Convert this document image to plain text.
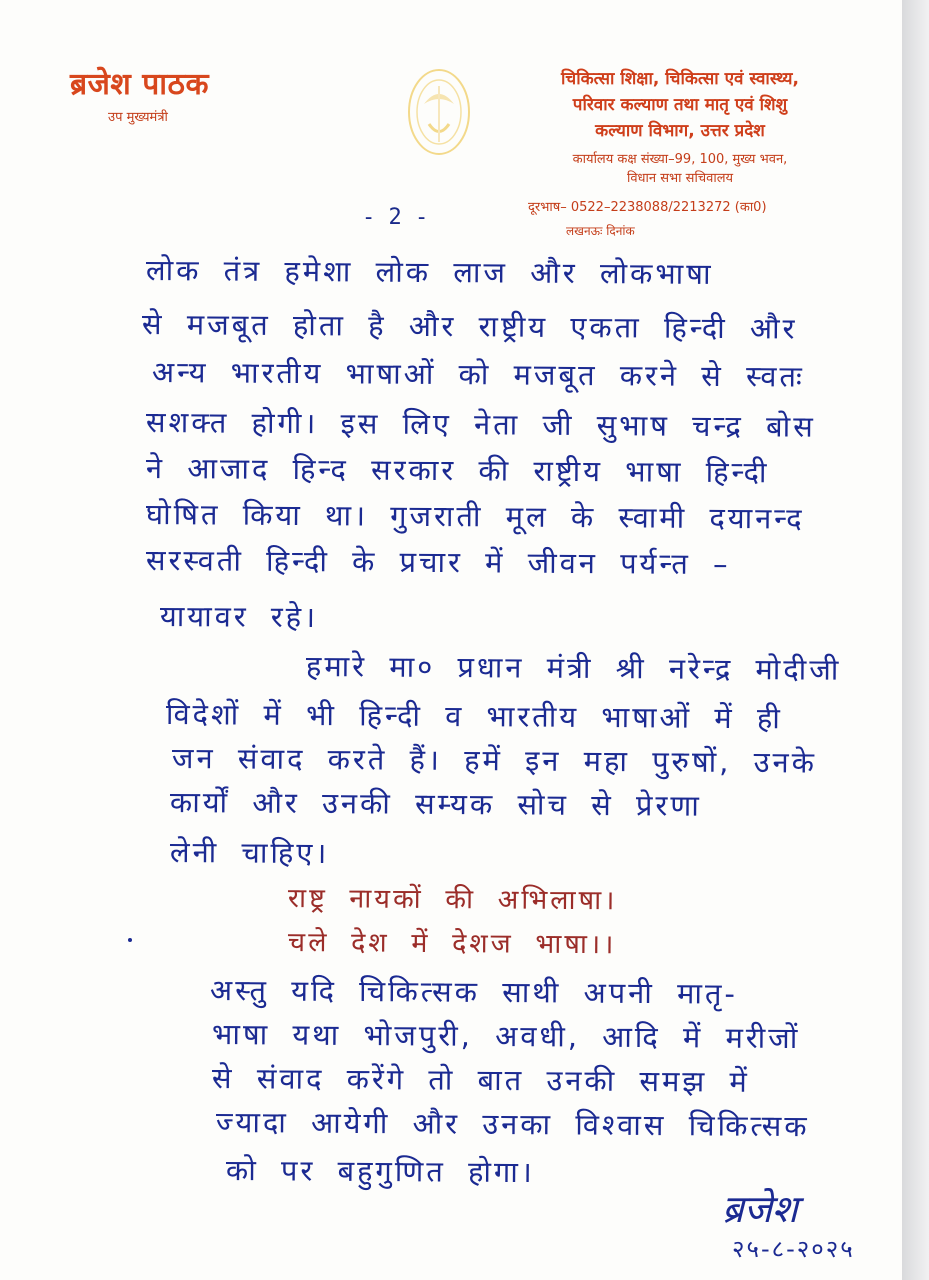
ब्रजेश पाठक
उप मुख्यमंत्री
चिकित्सा शिक्षा, चिकित्सा एवं स्वास्थ्य,
परिवार कल्याण तथा मातृ एवं शिशु
कल्याण विभाग, उत्तर प्रदेश
कार्यालय कक्ष संख्या–99, 100, मुख्य भवन,
विधान सभा सचिवालय
दूरभाष– 0522–2238088/2213272 (का0)
लखनऊः दिनांक
- 2 -
लोक तंत्र हमेशा लोक लाज और लोकभाषा
से मजबूत होता है और राष्ट्रीय एकता हिन्दी और
अन्य भारतीय भाषाओं को मजबूत करने से स्वतः
सशक्त होगी। इस लिए नेता जी सुभाष चन्द्र बोस
ने आजाद हिन्द सरकार की राष्ट्रीय भाषा हिन्दी
घोषित किया था। गुजराती मूल के स्वामी दयानन्द
सरस्वती हिन्दी के प्रचार में जीवन पर्यन्त –
यायावर रहे।
हमारे मा० प्रधान मंत्री श्री नरेन्द्र मोदीजी
विदेशों में भी हिन्दी व भारतीय भाषाओं में ही
जन संवाद करते हैं। हमें इन महा पुरुषों, उनके
कार्यों और उनकी सम्यक सोच से प्रेरणा
लेनी चाहिए।
राष्ट्र नायकों की अभिलाषा।
चले देश में देशज भाषा।।
अस्तु यदि चिकित्सक साथी अपनी मातृ-
भाषा यथा भोजपुरी, अवधी, आदि में मरीजों
से संवाद करेंगे तो बात उनकी समझ में
ज्यादा आयेगी और उनका विश्वास चिकित्सक
को पर बहुगुणित होगा।
ब्रजेश
२५-८-२०२५
